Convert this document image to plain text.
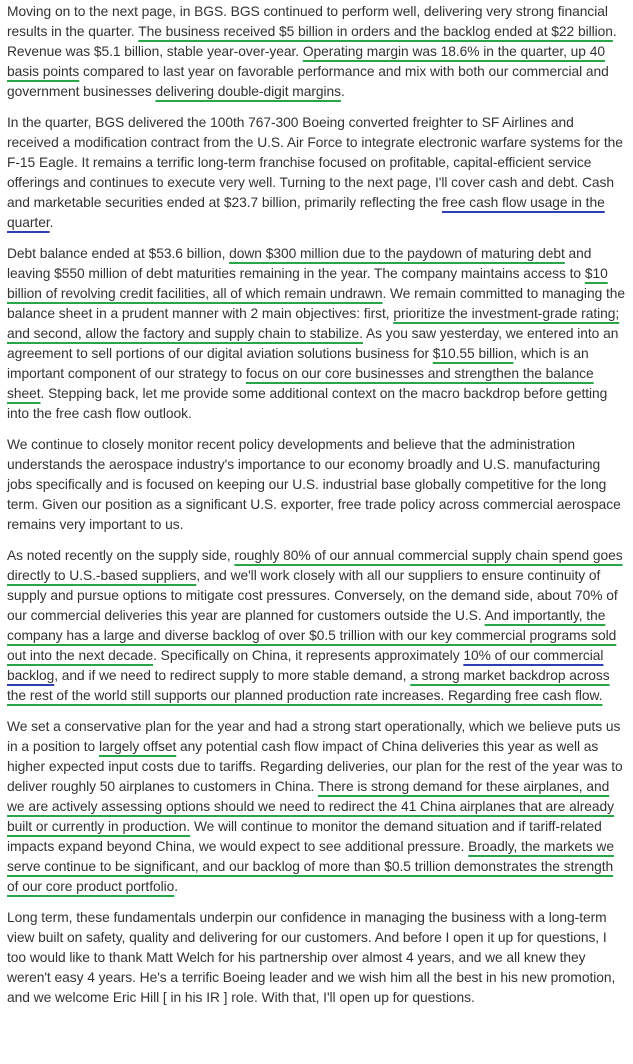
Moving on to the next page, in BGS. BGS continued to perform well, delivering very strong financial results in the quarter. The business received $5 billion in orders and the backlog ended at $22 billion. Revenue was $5.1 billion, stable year-over-year. Operating margin was 18.6% in the quarter, up 40 basis points compared to last year on favorable performance and mix with both our commercial and government businesses delivering double-digit margins.

In the quarter, BGS delivered the 100th 767-300 Boeing converted freighter to SF Airlines and received a modification contract from the U.S. Air Force to integrate electronic warfare systems for the F-15 Eagle. It remains a terrific long-term franchise focused on profitable, capital-efficient service offerings and continues to execute very well. Turning to the next page, I'll cover cash and debt. Cash and marketable securities ended at $23.7 billion, primarily reflecting the free cash flow usage in the quarter.

Debt balance ended at $53.6 billion, down $300 million due to the paydown of maturing debt and leaving $550 million of debt maturities remaining in the year. The company maintains access to $10 billion of revolving credit facilities, all of which remain undrawn. We remain committed to managing the balance sheet in a prudent manner with 2 main objectives: first, prioritize the investment-grade rating; and second, allow the factory and supply chain to stabilize. As you saw yesterday, we entered into an agreement to sell portions of our digital aviation solutions business for $10.55 billion, which is an important component of our strategy to focus on our core businesses and strengthen the balance sheet. Stepping back, let me provide some additional context on the macro backdrop before getting into the free cash flow outlook.

We continue to closely monitor recent policy developments and believe that the administration understands the aerospace industry's importance to our economy broadly and U.S. manufacturing jobs specifically and is focused on keeping our U.S. industrial base globally competitive for the long term. Given our position as a significant U.S. exporter, free trade policy across commercial aerospace remains very important to us.

As noted recently on the supply side, roughly 80% of our annual commercial supply chain spend goes directly to U.S.-based suppliers, and we'll work closely with all our suppliers to ensure continuity of supply and pursue options to mitigate cost pressures. Conversely, on the demand side, about 70% of our commercial deliveries this year are planned for customers outside the U.S. And importantly, the company has a large and diverse backlog of over $0.5 trillion with our key commercial programs sold out into the next decade. Specifically on China, it represents approximately 10% of our commercial backlog, and if we need to redirect supply to more stable demand, a strong market backdrop across the rest of the world still supports our planned production rate increases. Regarding free cash flow.

We set a conservative plan for the year and had a strong start operationally, which we believe puts us in a position to largely offset any potential cash flow impact of China deliveries this year as well as higher expected input costs due to tariffs. Regarding deliveries, our plan for the rest of the year was to deliver roughly 50 airplanes to customers in China. There is strong demand for these airplanes, and we are actively assessing options should we need to redirect the 41 China airplanes that are already built or currently in production. We will continue to monitor the demand situation and if tariff-related impacts expand beyond China, we would expect to see additional pressure. Broadly, the markets we serve continue to be significant, and our backlog of more than $0.5 trillion demonstrates the strength of our core product portfolio.

Long term, these fundamentals underpin our confidence in managing the business with a long-term view built on safety, quality and delivering for our customers. And before I open it up for questions, I too would like to thank Matt Welch for his partnership over almost 4 years, and we all knew they weren't easy 4 years. He's a terrific Boeing leader and we wish him all the best in his new promotion, and we welcome Eric Hill [ in his IR ] role. With that, I'll open up for questions.
